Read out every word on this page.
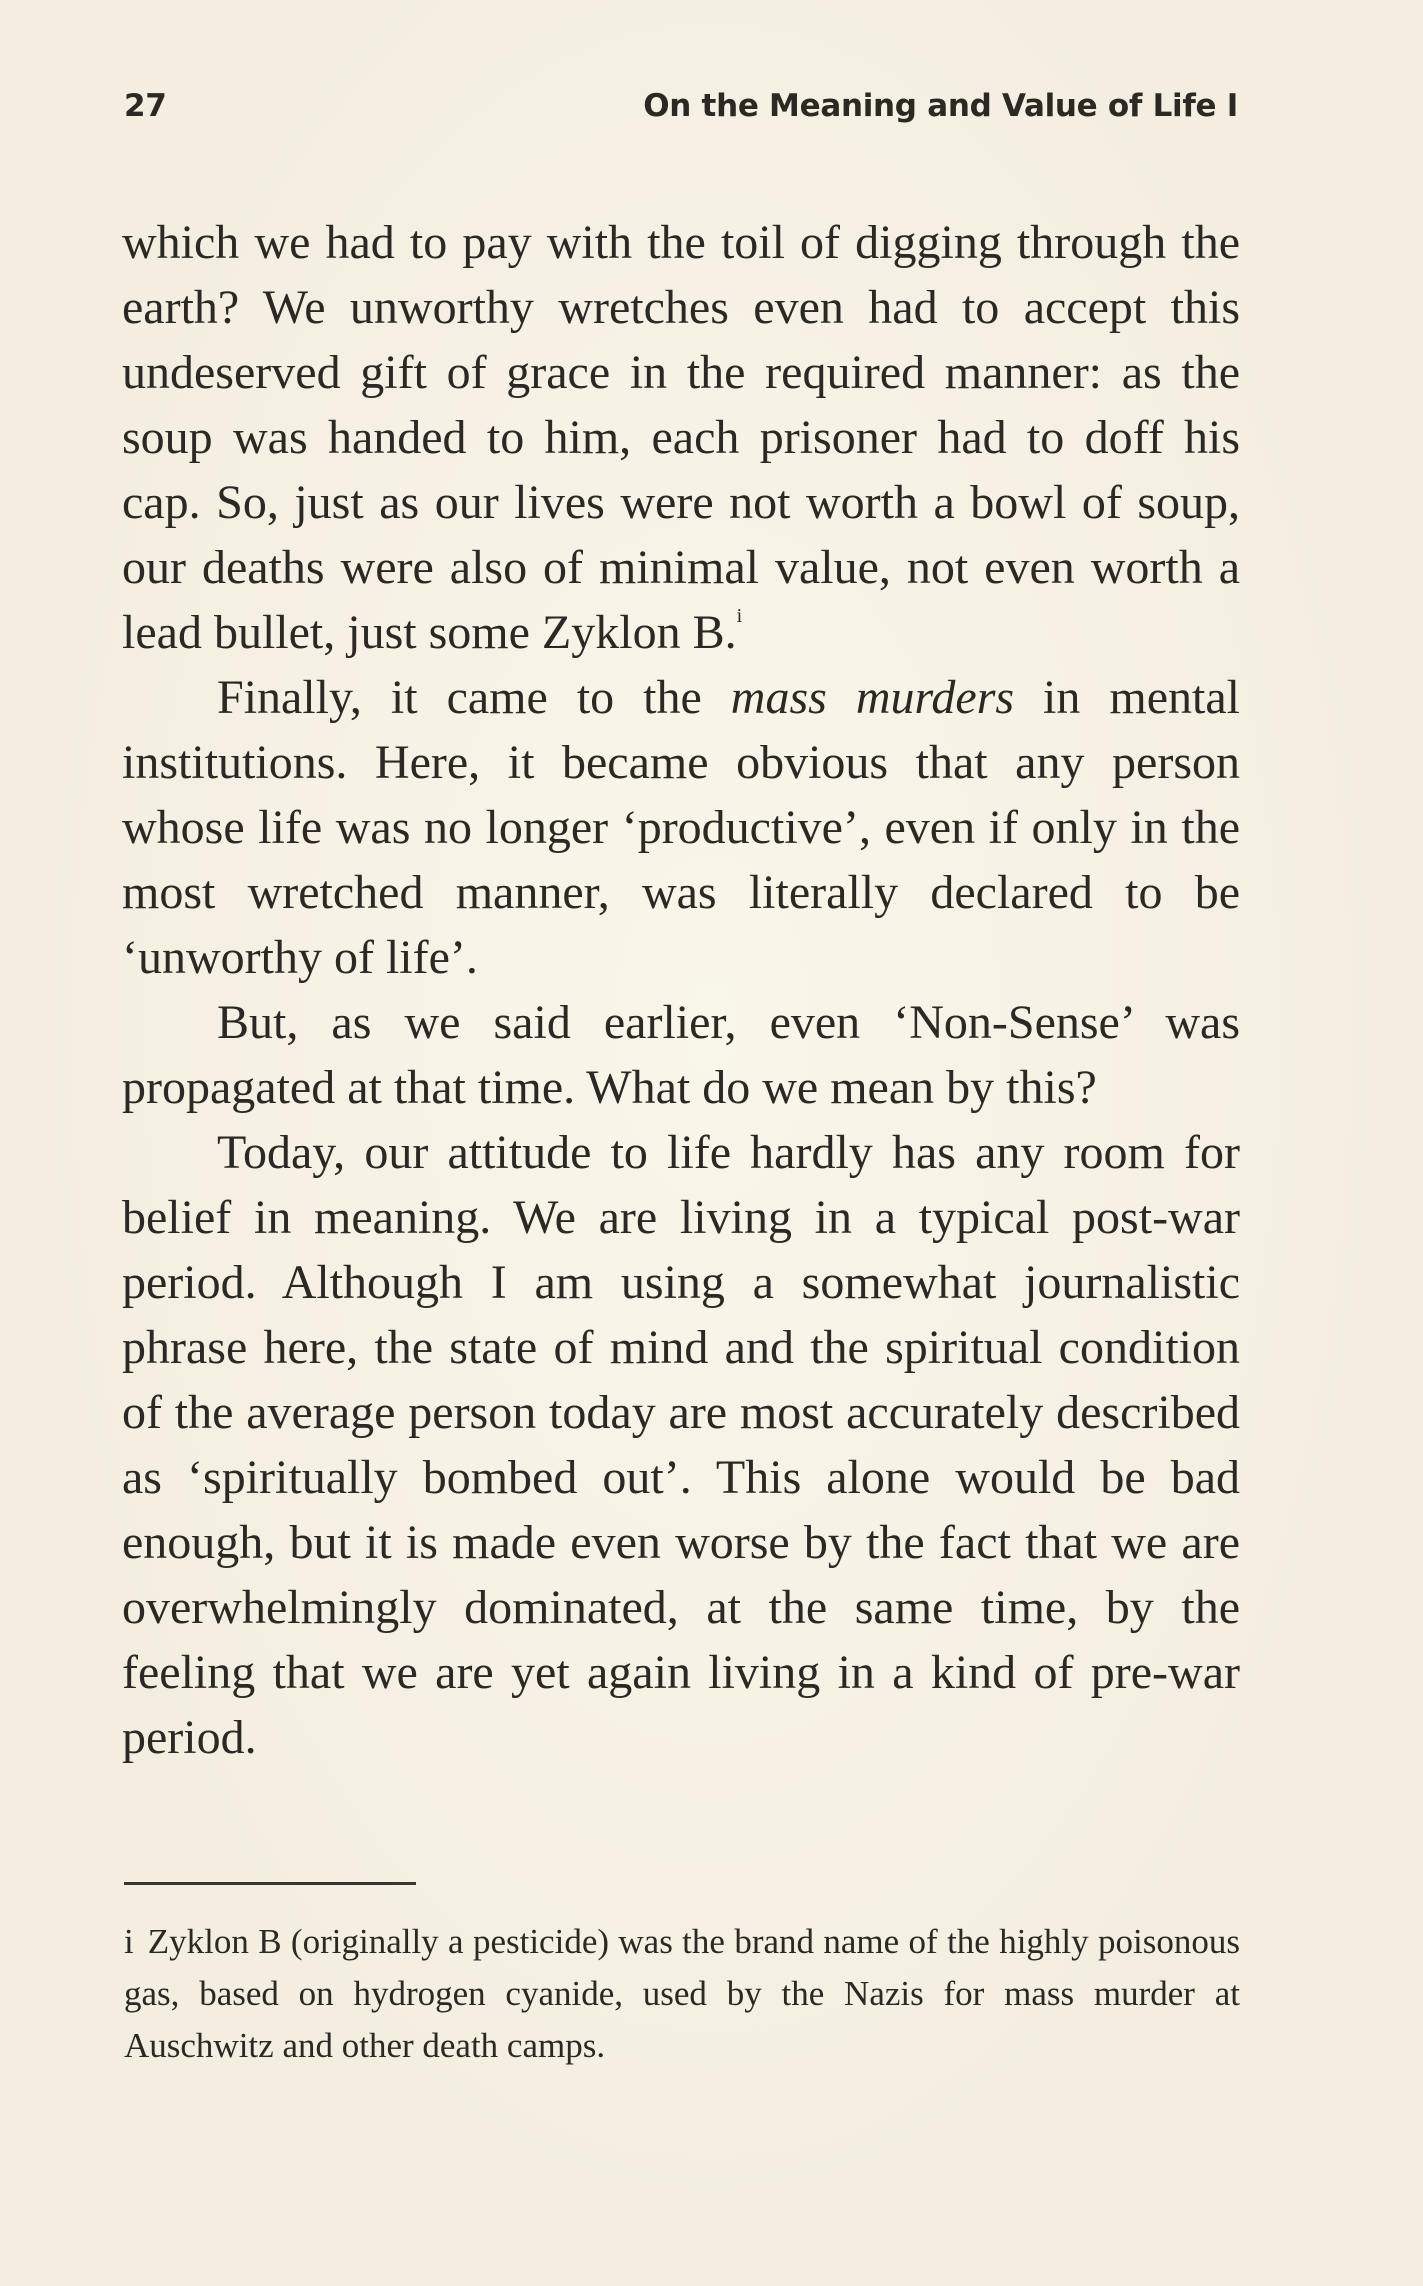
27	On the Meaning and Value of Life I

which we had to pay with the toil of digging through the earth? We unworthy wretches even had to accept this undeserved gift of grace in the required manner: as the soup was handed to him, each prisoner had to doff his cap. So, just as our lives were not worth a bowl of soup, our deaths were also of minimal value, not even worth a lead bullet, just some Zyklon B.$^i$

Finally, it came to the mass murders in mental institutions. Here, it became obvious that any person whose life was no longer ‘productive’, even if only in the most wretched manner, was literally declared to be ‘unworthy of life’.

But, as we said earlier, even ‘Non-Sense’ was propagated at that time. What do we mean by this?

Today, our attitude to life hardly has any room for belief in meaning. We are living in a typical post-war period. Although I am using a somewhat journalistic phrase here, the state of mind and the spiritual condition of the average person today are most accurately described as ‘spiritually bombed out’. This alone would be bad enough, but it is made even worse by the fact that we are overwhelmingly dominated, at the same time, by the feeling that we are yet again living in a kind of pre-war period.

i Zyklon B (originally a pesticide) was the brand name of the highly poisonous gas, based on hydrogen cyanide, used by the Nazis for mass murder at Auschwitz and other death camps.
